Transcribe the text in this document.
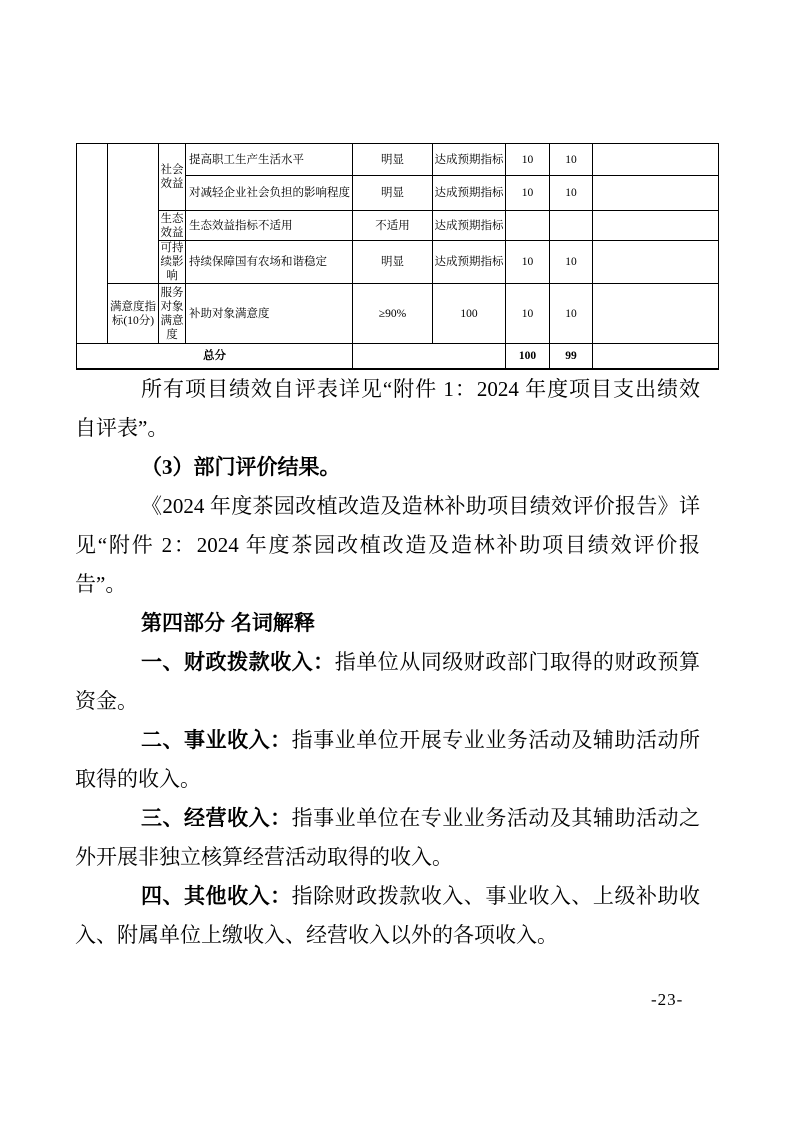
		社会效益	提高职工生产生活水平	明显	达成预期指标	10	10	
			对减轻企业社会负担的影响程度	明显	达成预期指标	10	10	
		生态效益	生态效益指标不适用	不适用	达成预期指标			
		可持续影响	持续保障国有农场和谐稳定	明显	达成预期指标	10	10	
	满意度指标(10分)	服务对象满意度	补助对象满意度	≥90%	100	10	10	
总分						100	99	
所有项目绩效自评表详见“附件 1：2024 年度项目支出绩效
自评表”。
（3）部门评价结果。
《2024 年度茶园改植改造及造林补助项目绩效评价报告》详
见“附件 2：2024 年度茶园改植改造及造林补助项目绩效评价报
告”。
第四部分 名词解释
一、财政拨款收入：指单位从同级财政部门取得的财政预算
资金。
二、事业收入：指事业单位开展专业业务活动及辅助活动所
取得的收入。
三、经营收入：指事业单位在专业业务活动及其辅助活动之
外开展非独立核算经营活动取得的收入。
四、其他收入：指除财政拨款收入、事业收入、上级补助收
入、附属单位上缴收入、经营收入以外的各项收入。
-23-
